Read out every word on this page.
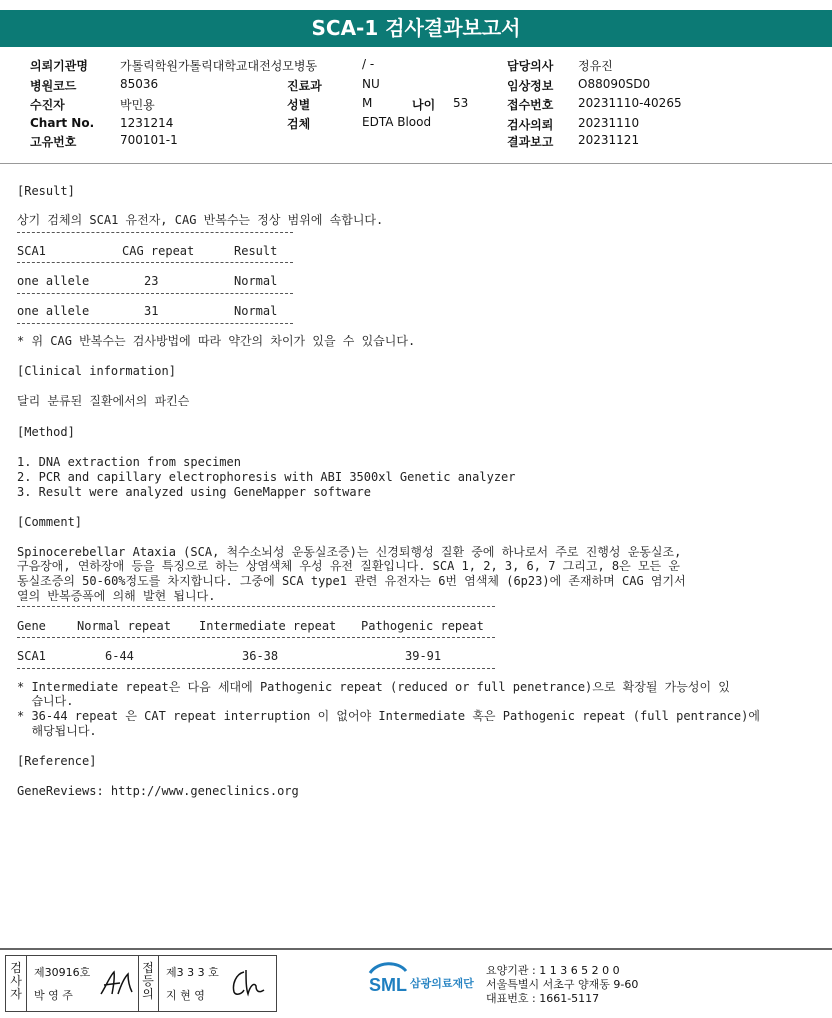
SCA-1 검사결과보고서
의뢰기관명	가톨릭학원가톨릭대학교대전성모병동	/ -
병원코드	85036	진료과	NU
수진자	박민용	성별	M	나이 53
Chart No. 1231214	검체	EDTA Blood
고유번호	700101-1
담당의사 정유진
임상정보 O88090SD0
접수번호 20231110-40265
검사의뢰 20231110
결과보고 20231121
[Result]
상기 검체의 SCA1 유전자, CAG 반복수는 정상 범위에 속합니다.
SCA1	CAG repeat	Result
one allele	23	Normal
one allele	31	Normal
* 위 CAG 반복수는 검사방법에 따라 약간의 차이가 있을 수 있습니다.
[Clinical information]
달리 분류된 질환에서의 파킨슨
[Method]
1. DNA extraction from specimen
2. PCR and capillary electrophoresis with ABI 3500xl Genetic analyzer
3. Result were analyzed using GeneMapper software
[Comment]
Spinocerebellar Ataxia (SCA, 척수소뇌성 운동실조증)는 신경퇴행성 질환 중에 하나로서 주로 진행성 운동실조,
구음장애, 연하장애 등을 특징으로 하는 상염색체 우성 유전 질환입니다. SCA 1, 2, 3, 6, 7 그리고, 8은 모든 운
동실조증의 50-60%정도를 차지합니다. 그중에 SCA type1 관련 유전자는 6번 염색체 (6p23)에 존재하며 CAG 염기서
열의 반복증폭에 의해 발현 됩니다.
Gene	Normal repeat Intermediate repeat Pathogenic repeat
SCA1	6-44	36-38	39-91
* Intermediate repeat은 다음 세대에 Pathogenic repeat (reduced or full penetrance)으로 확장될 가능성이 있
습니다.
* 36-44 repeat 은 CAT repeat interruption 이 없어야 Intermediate 혹은 Pathogenic repeat (full pentrance)에
해당됩니다.
[Reference]
GeneReviews: http://www.geneclinics.org
검
사
자
제30916호
박 영 주
접
등
의
제3 3 3 호
지 현 영
SML 삼광의료재단
요양기관 : 1 1 3 6 5 2 0 0
서울특별시 서초구 양재동 9-60
대표번호 : 1661-5117
